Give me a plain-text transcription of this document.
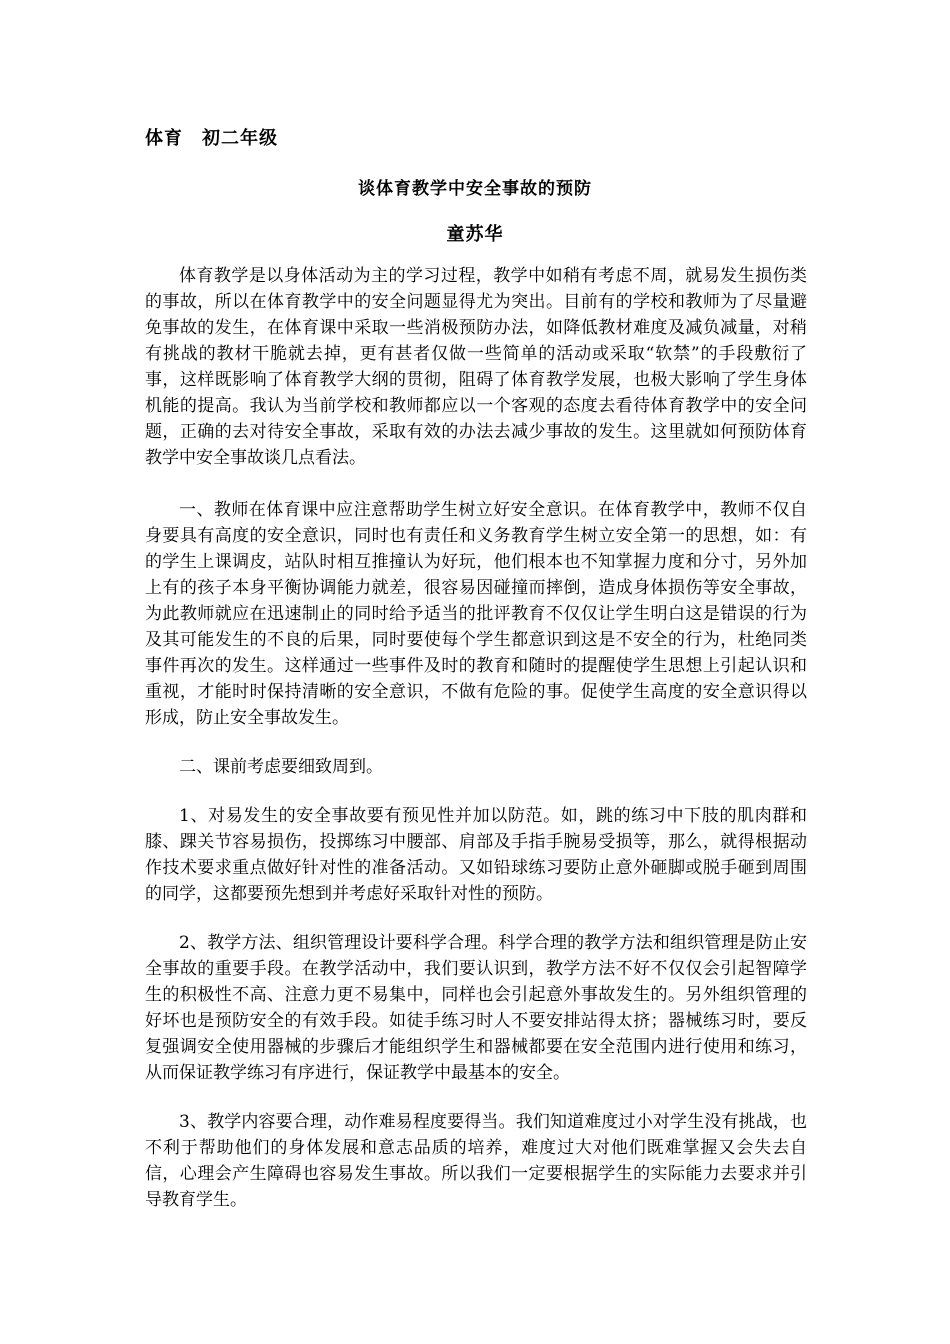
体育　初二年级
谈体育教学中安全事故的预防
童苏华

体育教学是以身体活动为主的学习过程，教学中如稍有考虑不周，就易发生损伤类的事故，所以在体育教学中的安全问题显得尤为突出。目前有的学校和教师为了尽量避免事故的发生，在体育课中采取一些消极预防办法，如降低教材难度及减负减量，对稍有挑战的教材干脆就去掉，更有甚者仅做一些简单的活动或采取“软禁”的手段敷衍了事，这样既影响了体育教学大纲的贯彻，阻碍了体育教学发展，也极大影响了学生身体机能的提高。我认为当前学校和教师都应以一个客观的态度去看待体育教学中的安全问题，正确的去对待安全事故，采取有效的办法去减少事故的发生。这里就如何预防体育教学中安全事故谈几点看法。

一、教师在体育课中应注意帮助学生树立好安全意识。在体育教学中，教师不仅自身要具有高度的安全意识，同时也有责任和义务教育学生树立安全第一的思想，如：有的学生上课调皮，站队时相互推撞认为好玩，他们根本也不知掌握力度和分寸，另外加上有的孩子本身平衡协调能力就差，很容易因碰撞而摔倒，造成身体损伤等安全事故，为此教师就应在迅速制止的同时给予适当的批评教育不仅仅让学生明白这是错误的行为及其可能发生的不良的后果，同时要使每个学生都意识到这是不安全的行为，杜绝同类事件再次的发生。这样通过一些事件及时的教育和随时的提醒使学生思想上引起认识和重视，才能时时保持清晰的安全意识，不做有危险的事。促使学生高度的安全意识得以形成，防止安全事故发生。

二、课前考虑要细致周到。

1、对易发生的安全事故要有预见性并加以防范。如，跳的练习中下肢的肌肉群和膝、踝关节容易损伤，投掷练习中腰部、肩部及手指手腕易受损等，那么，就得根据动作技术要求重点做好针对性的准备活动。又如铅球练习要防止意外砸脚或脱手砸到周围的同学，这都要预先想到并考虑好采取针对性的预防。

2、教学方法、组织管理设计要科学合理。科学合理的教学方法和组织管理是防止安全事故的重要手段。在教学活动中，我们要认识到，教学方法不好不仅仅会引起智障学生的积极性不高、注意力更不易集中，同样也会引起意外事故发生的。另外组织管理的好坏也是预防安全的有效手段。如徒手练习时人不要安排站得太挤；器械练习时，要反复强调安全使用器械的步骤后才能组织学生和器械都要在安全范围内进行使用和练习，从而保证教学练习有序进行，保证教学中最基本的安全。

3、教学内容要合理，动作难易程度要得当。我们知道难度过小对学生没有挑战，也不利于帮助他们的身体发展和意志品质的培养，难度过大对他们既难掌握又会失去自信，心理会产生障碍也容易发生事故。所以我们一定要根据学生的实际能力去要求并引导教育学生。
